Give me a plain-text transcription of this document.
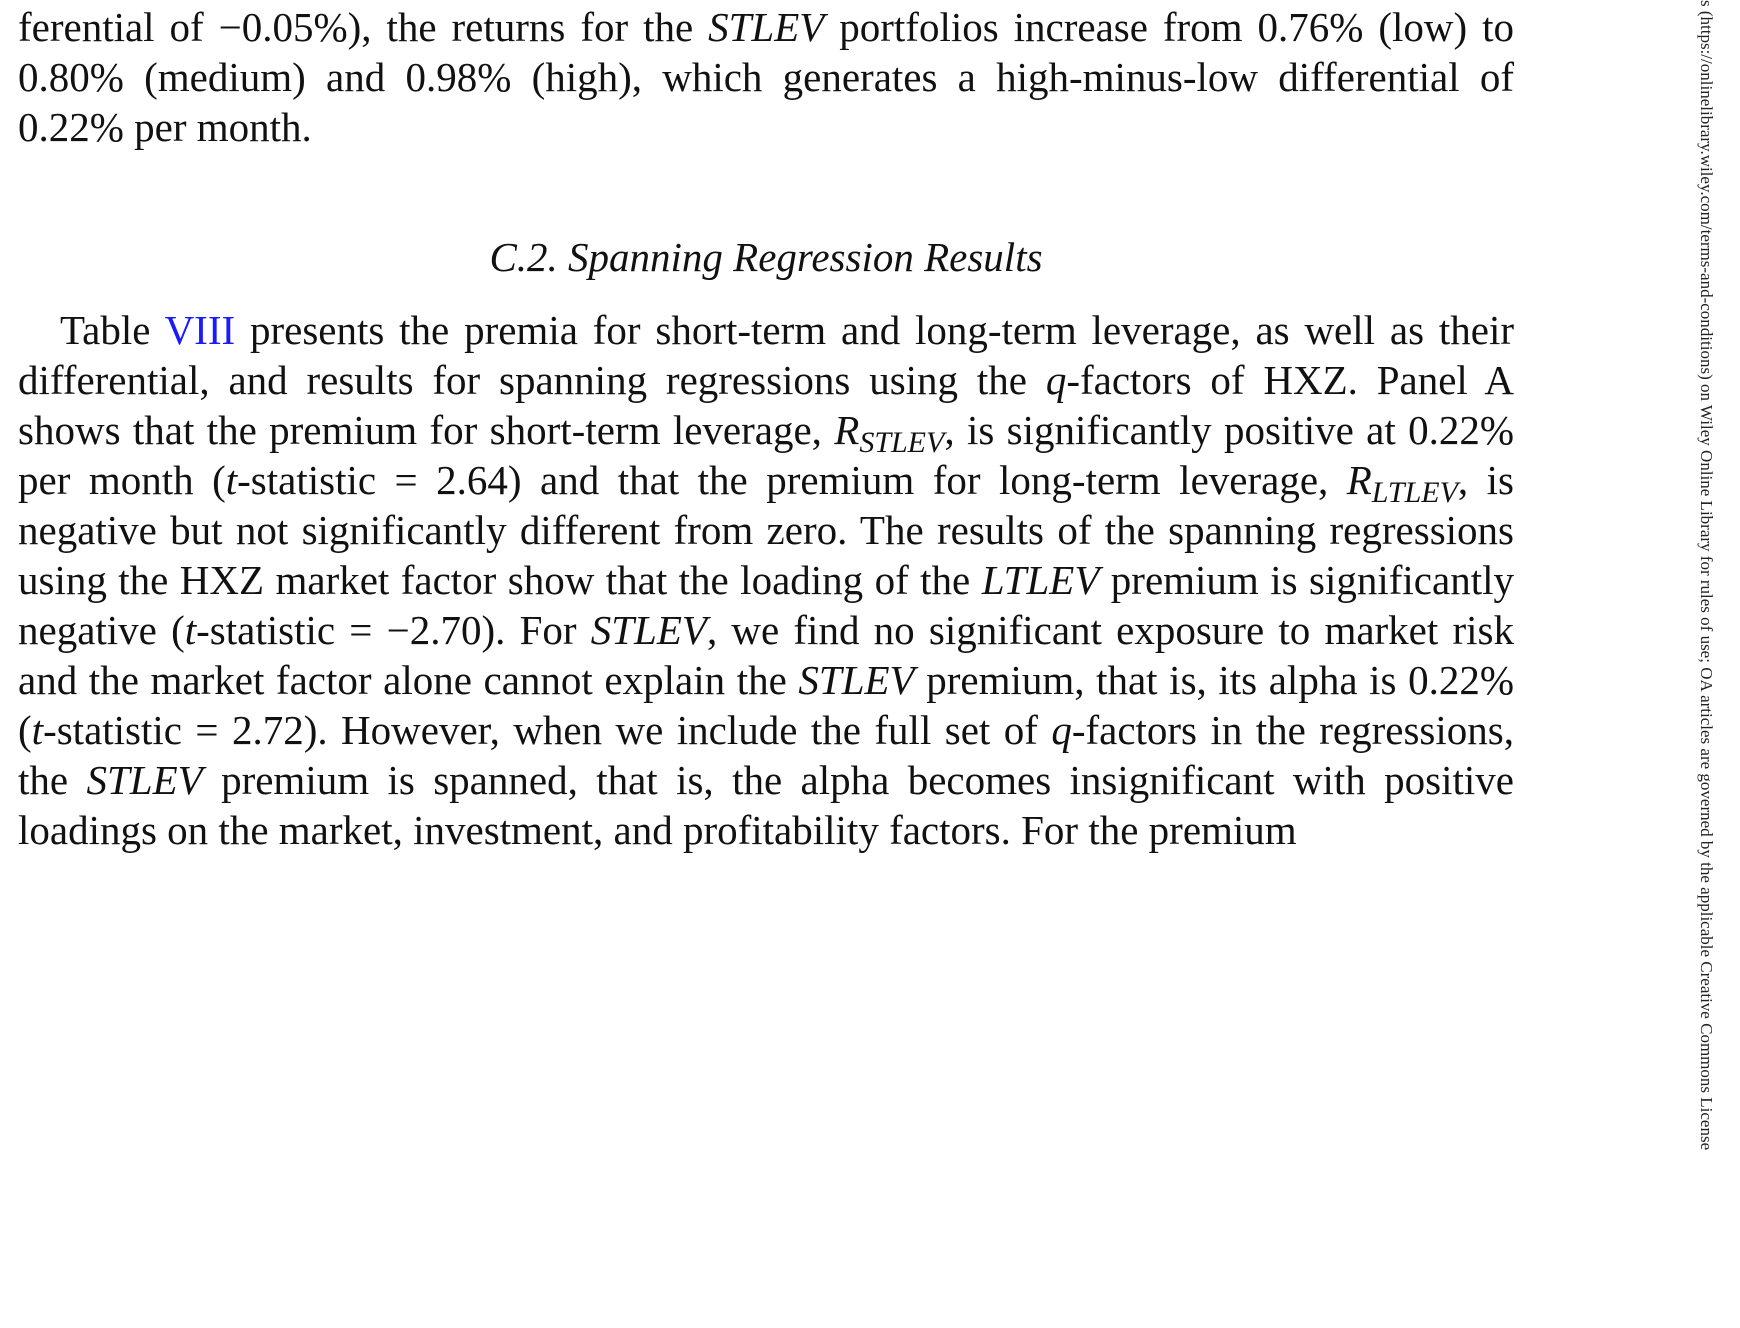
ferential of −0.05%), the returns for the STLEV portfolios increase from 0.76% (low) to 0.80% (medium) and 0.98% (high), which generates a high-minus-low differential of 0.22% per month.

C.2. Spanning Regression Results

Table VIII presents the premia for short-term and long-term leverage, as well as their differential, and results for spanning regressions using the q-factors of HXZ. Panel A shows that the premium for short-term leverage, $R_{STLEV}$, is significantly positive at 0.22% per month (t-statistic = 2.64) and that the premium for long-term leverage, $R_{LTLEV}$, is negative but not significantly different from zero. The results of the spanning regressions using the HXZ market factor show that the loading of the LTLEV premium is significantly negative (t-statistic = −2.70). For STLEV, we find no significant exposure to market risk and the market factor alone cannot explain the STLEV premium, that is, its alpha is 0.22% (t-statistic = 2.72). However, when we include the full set of q-factors in the regressions, the STLEV premium is spanned, that is, the alpha becomes insignificant with positive loadings on the market, investment, and profitability factors. For the premium	s (https://onlinelibrary.wiley.com/terms-and-conditions) on Wiley Online Library for rules of use; OA articles are governed by the applicable Creative Commons License
